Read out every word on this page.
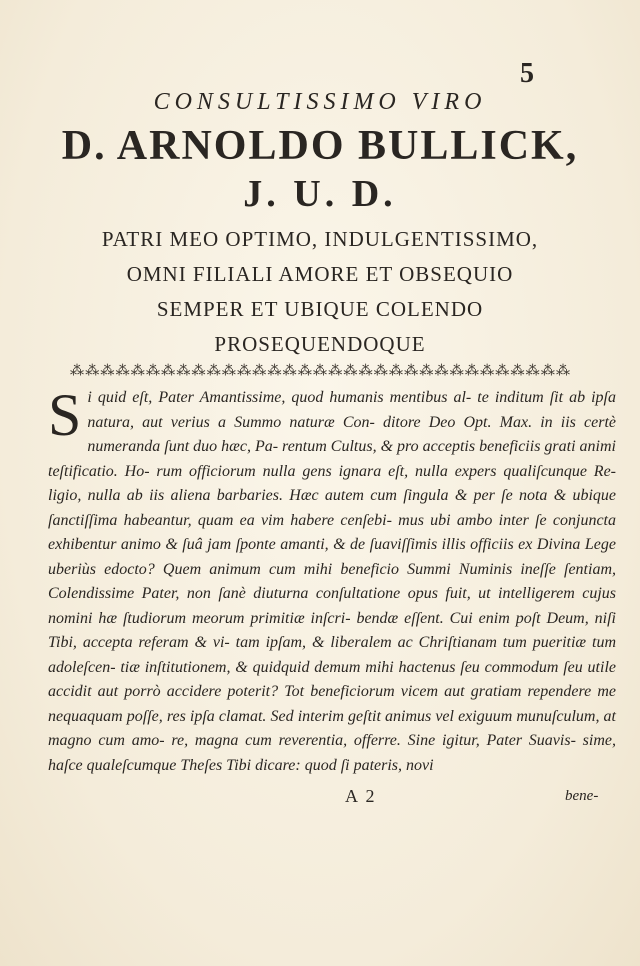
5

CONSULTISSIMO VIRO

D. ARNOLDO BULLICK,

J. U. D.

PATRI MEO OPTIMO, INDULGENTISSIMO,

OMNI FILIALI AMORE ET OBSEQUIO

SEMPER ET UBIQUE COLENDO

PROSEQUENDOQUE

⁂ ⁂ ⁂ ⁂ ⁂ ⁂ ⁂ ⁂ ⁂ ⁂ ⁂ ⁂ ⁂ ⁂ ⁂ ⁂ ⁂ ⁂ ⁂ ⁂ ⁂ ⁂ ⁂ ⁂ ⁂ ⁂ ⁂ ⁂ ⁂ ⁂ ⁂ ⁂ ⁂
Si quid eſt, Pater Amantissime, quod humanis mentibus al- te inditum ſit ab ipſa natura, aut verius a Summo naturæ Con- ditore Deo Opt. Max. in iis certè numeranda ſunt duo hæc, Pa- rentum Cultus, & pro acceptis beneficiis grati animi teſtificatio. Ho- rum officiorum nulla gens ignara eſt, nulla expers qualiſcunque Re- ligio, nulla ab iis aliena barbaries. Hæc autem cum ſingula & per ſe nota & ubique ſanctiſſima habeantur, quam ea vim habere cenſebi- mus ubi ambo inter ſe conjuncta exhibentur animo & ſuâ jam ſponte amanti, & de ſuaviſſimis illis officiis ex Divina Lege uberiùs edocto? Quem animum cum mihi beneficio Summi Numinis ineſſe ſentiam, Colendissime Pater, non ſanè diuturna conſultatione opus fuit, ut intelligerem cujus nomini hæ ſtudiorum meorum primitiæ inſcri- bendæ eſſent. Cui enim poſt Deum, niſi Tibi, accepta referam & vi- tam ipſam, & liberalem ac Chriſtianam tum pueritiæ tum adoleſcen- tiæ inſtitutionem, & quidquid demum mihi hactenus ſeu commodum ſeu utile accidit aut porrò accidere poterit? Tot beneficiorum vicem aut gratiam rependere me nequaquam poſſe, res ipſa clamat. Sed interim geſtit animus vel exiguum munuſculum, at magno cum amo- re, magna cum reverentia, offerre. Sine igitur, Pater Suavis- sime, haſce qualeſcumque Theſes Tibi dicare: quod ſi pateris, novi
A 2	bene-
